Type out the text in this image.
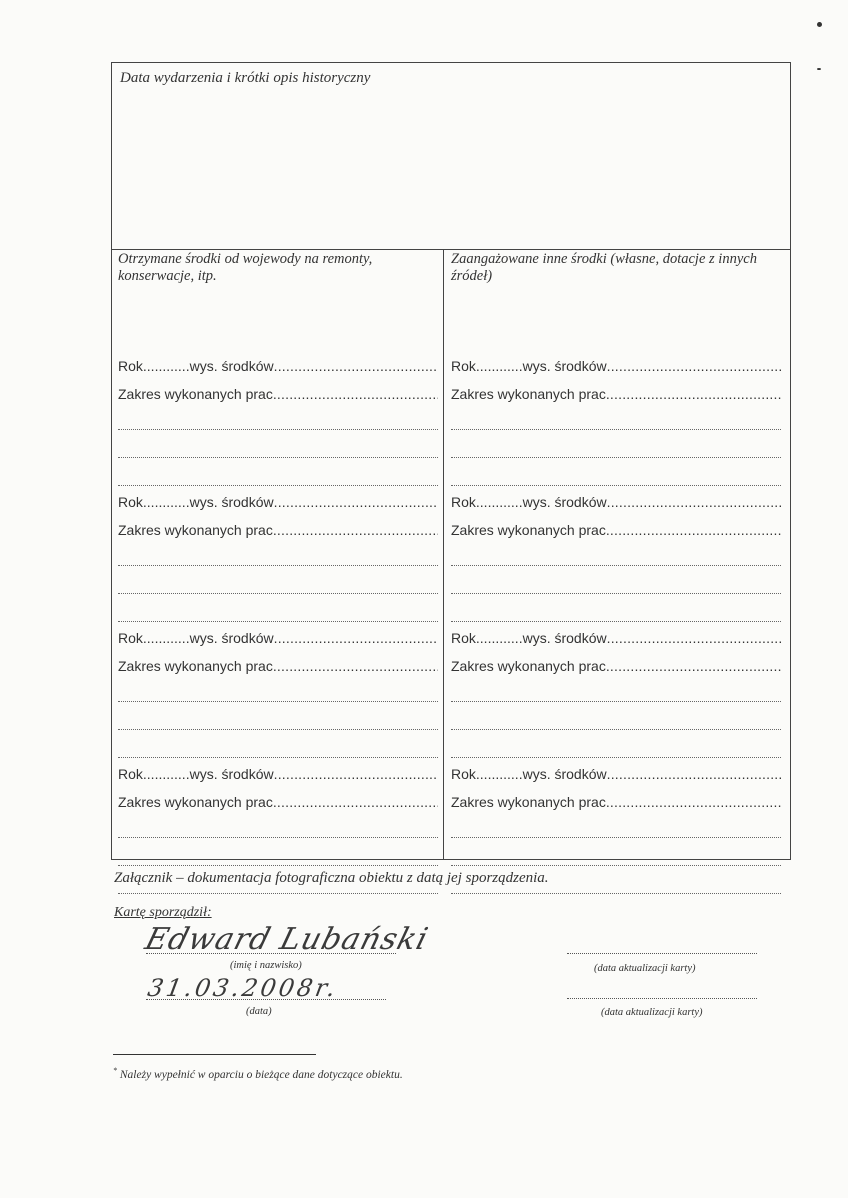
Data wydarzenia i krótki opis historyczny
Otrzymane środki od wojewody na remonty, konserwacje, itp.
Rok............wys. środków .....
Zakres wykonanych prac .....
Rok............wys. środków .....
Zakres wykonanych prac .....
Rok............wys. środków .....
Zakres wykonanych prac .....
Rok............wys. środków .....
Zakres wykonanych prac .....
Zaangażowane inne środki (własne, dotacje z innych źródeł)
Rok............wys. środków .....
Zakres wykonanych prac .....
Rok............wys. środków .....
Zakres wykonanych prac .....
Rok............wys. środków .....
Zakres wykonanych prac .....
Rok............wys. środków .....
Zakres wykonanych prac .....
Załącznik – dokumentacja fotograficzna obiektu z datą jej sporządzenia.
Kartę sporządził:
Edward Lubański
(imię i nazwisko)
31.03.2008r.
(data)
(data aktualizacji karty)
(data aktualizacji karty)
* Należy wypełnić w oparciu o bieżące dane dotyczące obiektu.
